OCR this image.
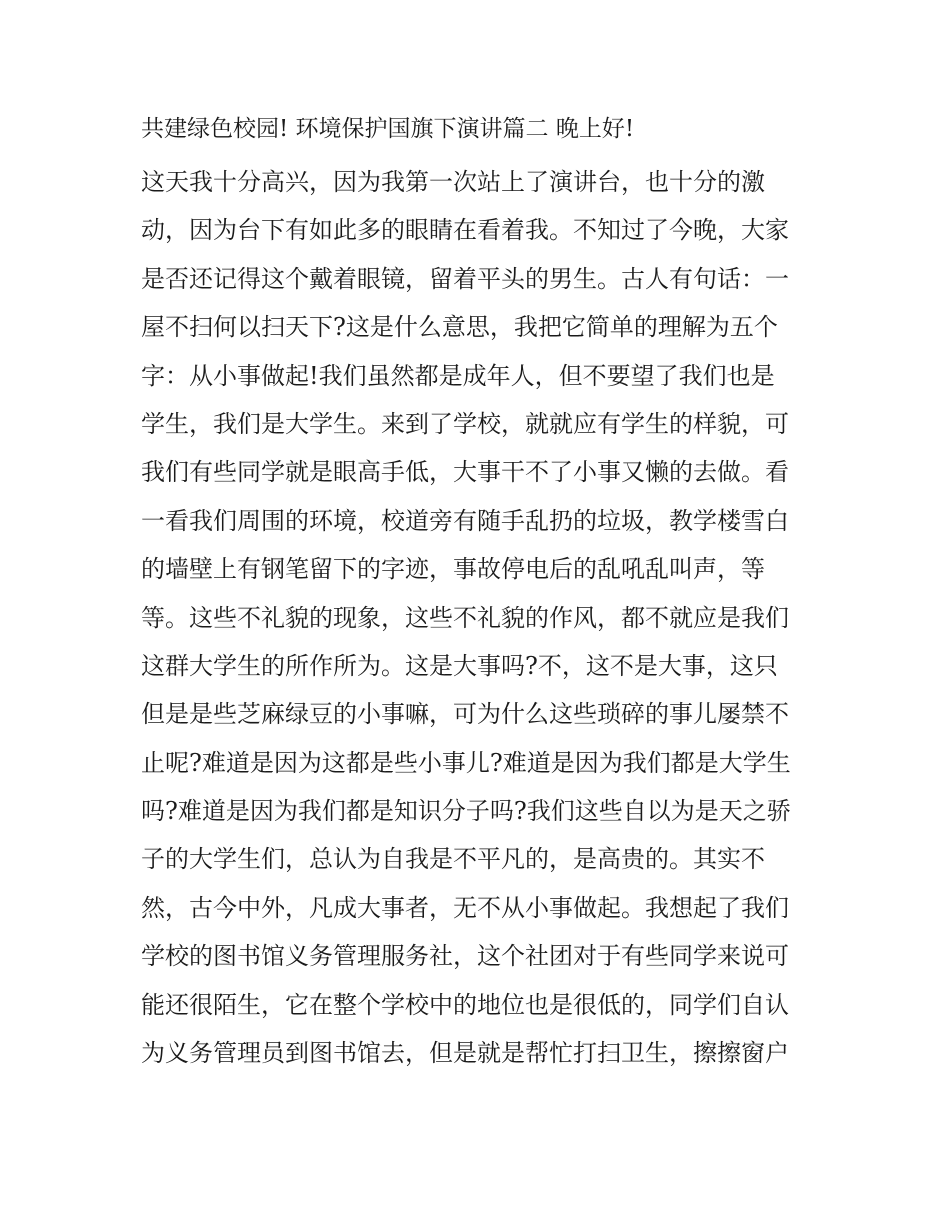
共建绿色校园! 环境保护国旗下演讲篇二 晚上好!
这天我十分高兴，因为我第一次站上了演讲台，也十分的激
动，因为台下有如此多的眼睛在看着我。不知过了今晚，大家
是否还记得这个戴着眼镜，留着平头的男生。古人有句话：一
屋不扫何以扫天下?这是什么意思，我把它简单的理解为五个
字：从小事做起!我们虽然都是成年人，但不要望了我们也是
学生，我们是大学生。来到了学校，就就应有学生的样貌，可
我们有些同学就是眼高手低，大事干不了小事又懒的去做。看
一看我们周围的环境，校道旁有随手乱扔的垃圾，教学楼雪白
的墙壁上有钢笔留下的字迹，事故停电后的乱吼乱叫声，等
等。这些不礼貌的现象，这些不礼貌的作风，都不就应是我们
这群大学生的所作所为。这是大事吗?不，这不是大事，这只
但是是些芝麻绿豆的小事嘛，可为什么这些琐碎的事儿屡禁不
止呢?难道是因为这都是些小事儿?难道是因为我们都是大学生
吗?难道是因为我们都是知识分子吗?我们这些自以为是天之骄
子的大学生们，总认为自我是不平凡的，是高贵的。其实不
然，古今中外，凡成大事者，无不从小事做起。我想起了我们
学校的图书馆义务管理服务社，这个社团对于有些同学来说可
能还很陌生，它在整个学校中的地位也是很低的，同学们自认
为义务管理员到图书馆去，但是就是帮忙打扫卫生，擦擦窗户
